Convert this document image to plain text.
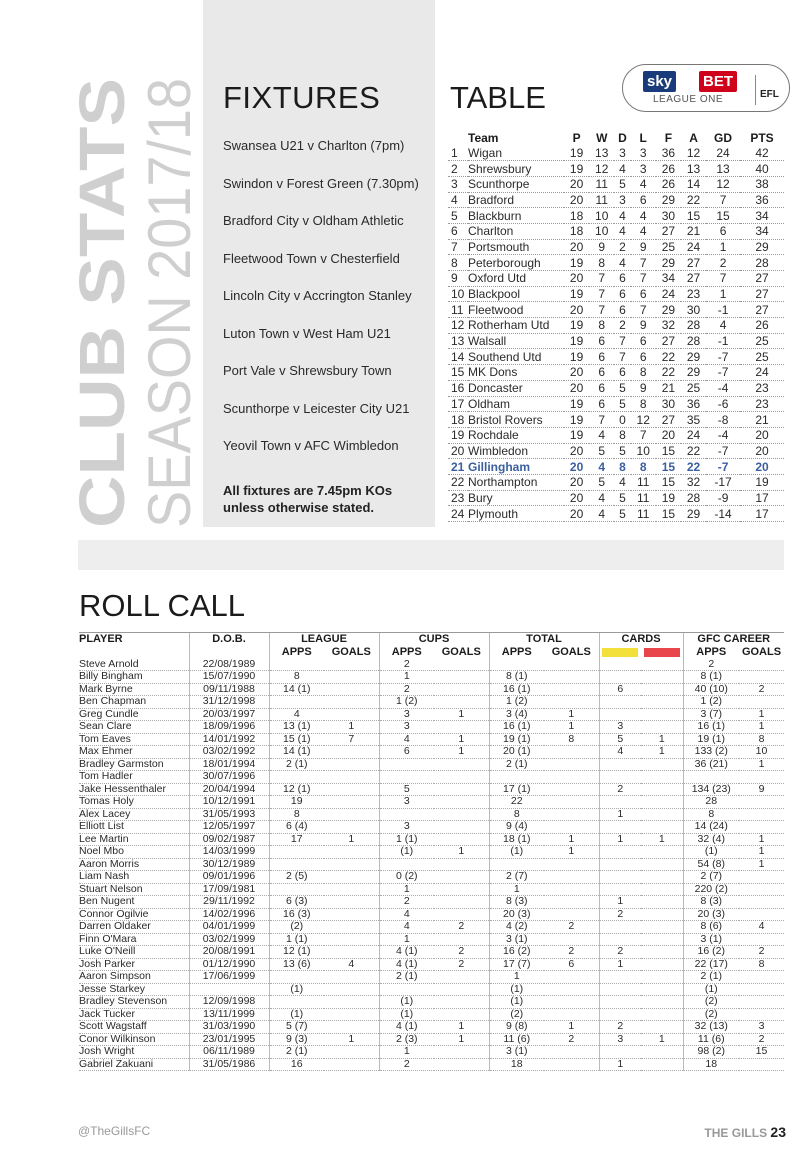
CLUB STATS
SEASON 2017/18 FIXTURES
Swansea U21 v Charlton (7pm)
Swindon v Forest Green (7.30pm)
Bradford City v Oldham Athletic
Fleetwood Town v Chesterfield
Lincoln City v Accrington Stanley
Luton Town v West Ham U21
Port Vale v Shrewsbury Town
Scunthorpe v Leicester City U21
Yeovil Town v AFC Wimbledon
All fixtures are 7.45pm KOs
unless otherwise stated.
TABLE	sky BET
LEAGUE ONE	EFL
	Team	P	W	D	L	F	A	GD	PTS
1	Wigan	19	13	3	3	36	12	24	42
2	Shrewsbury	19	12	4	3	26	13	13	40
3	Scunthorpe	20	11	5	4	26	14	12	38
4	Bradford	20	11	3	6	29	22	7	36
5	Blackburn	18	10	4	4	30	15	15	34
6	Charlton	18	10	4	4	27	21	6	34
7	Portsmouth	20	9	2	9	25	24	1	29
8	Peterborough	19	8	4	7	29	27	2	28
9	Oxford Utd	20	7	6	7	34	27	7	27
10	Blackpool	19	7	6	6	24	23	1	27
11	Fleetwood	20	7	6	7	29	30	-1	27
12	Rotherham Utd	19	8	2	9	32	28	4	26
13	Walsall	19	6	7	6	27	28	-1	25
14	Southend Utd	19	6	7	6	22	29	-7	25
15	MK Dons	20	6	6	8	22	29	-7	24
16	Doncaster	20	6	5	9	21	25	-4	23
17	Oldham	19	6	5	8	30	36	-6	23
18	Bristol Rovers	19	7	0	12	27	35	-8	21
19	Rochdale	19	4	8	7	20	24	-4	20
20	Wimbledon	20	5	5	10	15	22	-7	20
21	Gillingham	20	4	8	8	15	22	-7	20
22	Northampton	20	5	4	11	15	32	-17	19
23	Bury	20	4	5	11	19	28	-9	17
24	Plymouth	20	4	5	11	15	29	-14	17
ROLL CALL
PLAYER	D.O.B.	LEAGUE		CUPS		TOTAL		CARDS		GFC CAREER	
		APPS	GOALS	APPS	GOALS	APPS	GOALS			APPS	GOALS
Steve Arnold	22/08/1989			2						2	
Billy Bingham	15/07/1990	8		1		8 (1)				8 (1)	
Mark Byrne	09/11/1988	14 (1)		2		16 (1)		6		40 (10)	2
Ben Chapman	31/12/1998			1 (2)		1 (2)				1 (2)	
Greg Cundle	20/03/1997	4		3	1	3 (4)	1			3 (7)	1
Sean Clare	18/09/1996	13 (1)	1	3		16 (1)	1	3		16 (1)	1
Tom Eaves	14/01/1992	15 (1)	7	4	1	19 (1)	8	5	1	19 (1)	8
Max Ehmer	03/02/1992	14 (1)		6	1	20 (1)		4	1	133 (2)	10
Bradley Garmston	18/01/1994	2 (1)				2 (1)				36 (21)	1
Tom Hadler	30/07/1996										
Jake Hessenthaler	20/04/1994	12 (1)		5		17 (1)		2		134 (23)	9
Tomas Holy	10/12/1991	19		3		22				28	
Alex Lacey	31/05/1993	8				8		1		8	
Elliott List	12/05/1997	6 (4)		3		9 (4)				14 (24)	
Lee Martin	09/02/1987	17	1	1 (1)		18 (1)	1	1	1	32 (4)	1
Noel Mbo	14/03/1999			(1)	1	(1)	1			(1)	1
Aaron Morris	30/12/1989									54 (8)	1
Liam Nash	09/01/1996	2 (5)		0 (2)		2 (7)				2 (7)	
Stuart Nelson	17/09/1981			1		1				220 (2)	
Ben Nugent	29/11/1992	6 (3)		2		8 (3)		1		8 (3)	
Connor Ogilvie	14/02/1996	16 (3)		4		20 (3)		2		20 (3)	
Darren Oldaker	04/01/1999	(2)		4	2	4 (2)	2			8 (6)	4
Finn O'Mara	03/02/1999	1 (1)		1		3 (1)				3 (1)	
Luke O'Neill	20/08/1991	12 (1)		4 (1)	2	16 (2)	2	2		16 (2)	2
Josh Parker	01/12/1990	13 (6)	4	4 (1)	2	17 (7)	6	1		22 (17)	8
Aaron Simpson	17/06/1999			2 (1)		1				2 (1)	
Jesse Starkey		(1)				(1)				(1)	
Bradley Stevenson	12/09/1998			(1)		(1)				(2)	
Jack Tucker	13/11/1999	(1)		(1)		(2)				(2)	
Scott Wagstaff	31/03/1990	5 (7)		4 (1)	1	9 (8)	1	2		32 (13)	3
Conor Wilkinson	23/01/1995	9 (3)	1	2 (3)	1	11 (6)	2	3	1	11 (6)	2
Josh Wright	06/11/1989	2 (1)		1		3 (1)				98 (2)	15
Gabriel Zakuani	31/05/1986	16		2		18		1		18	
@TheGillsFC	THE GILLS 23
